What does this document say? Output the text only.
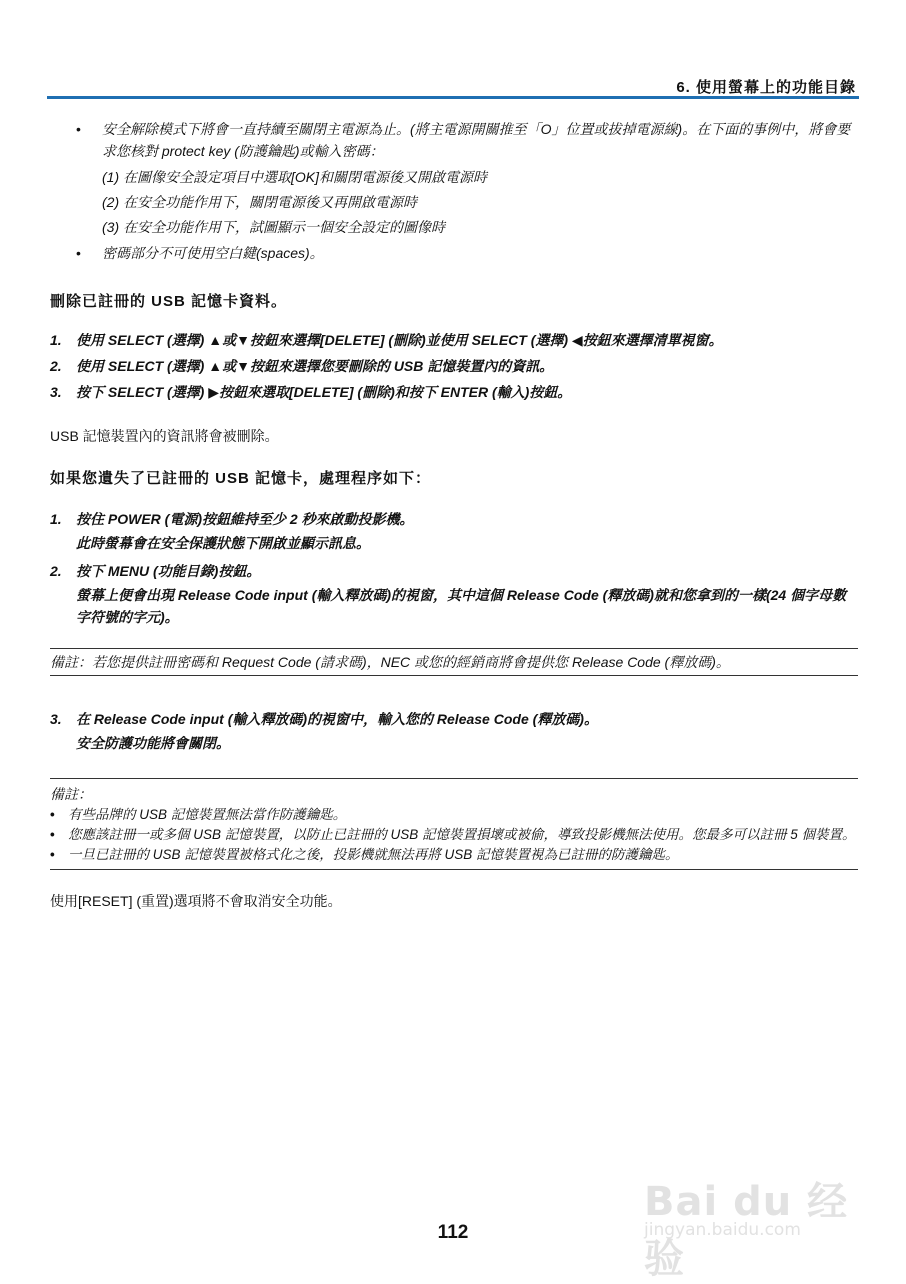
6. 使用螢幕上的功能目錄
• 安全解除模式下將會一直持續至關閉主電源為止。(將主電源開關推至「O」位置或拔掉電源線)。在下面的事例中，將會要求您核對 protect key (防護鑰匙)或輸入密碼：
(1) 在圖像安全設定項目中選取[OK]和關閉電源後又開啟電源時
(2) 在安全功能作用下，關閉電源後又再開啟電源時
(3) 在安全功能作用下，試圖顯示一個安全設定的圖像時
• 密碼部分不可使用空白鍵(spaces)。
刪除已註冊的 USB 記憶卡資料。
1. 使用 SELECT (選擇) ▲或▼按鈕來選擇[DELETE] (刪除)並使用 SELECT (選擇) ◀按鈕來選擇清單視窗。
2. 使用 SELECT (選擇) ▲或▼按鈕來選擇您要刪除的 USB 記憶裝置內的資訊。
3. 按下 SELECT (選擇) ▶按鈕來選取[DELETE] (刪除)和按下 ENTER (輸入)按鈕。
USB 記憶裝置內的資訊將會被刪除。
如果您遺失了已註冊的 USB 記憶卡，處理程序如下：
1. 按住 POWER (電源)按鈕維持至少 2 秒來啟動投影機。
此時螢幕會在安全保護狀態下開啟並顯示訊息。
2. 按下 MENU (功能目錄)按鈕。
螢幕上便會出現 Release Code input (輸入釋放碼)的視窗，其中這個 Release Code (釋放碼)就和您拿到的一樣(24 個字母數字符號的字元)。
備註：若您提供註冊密碼和 Request Code (請求碼)，NEC 或您的經銷商將會提供您 Release Code (釋放碼)。
3. 在 Release Code input (輸入釋放碼)的視窗中，輸入您的 Release Code (釋放碼)。
安全防護功能將會關閉。
備註：
• 有些品牌的 USB 記憶裝置無法當作防護鑰匙。
• 您應該註冊一或多個 USB 記憶裝置，以防止已註冊的 USB 記憶裝置損壞或被偷，導致投影機無法使用。您最多可以註冊 5 個裝置。
• 一旦已註冊的 USB 記憶裝置被格式化之後，投影機就無法再將 USB 記憶裝置視為已註冊的防護鑰匙。
使用[RESET] (重置)選項將不會取消安全功能。
112
Bai du 经验
jingyan.baidu.com
